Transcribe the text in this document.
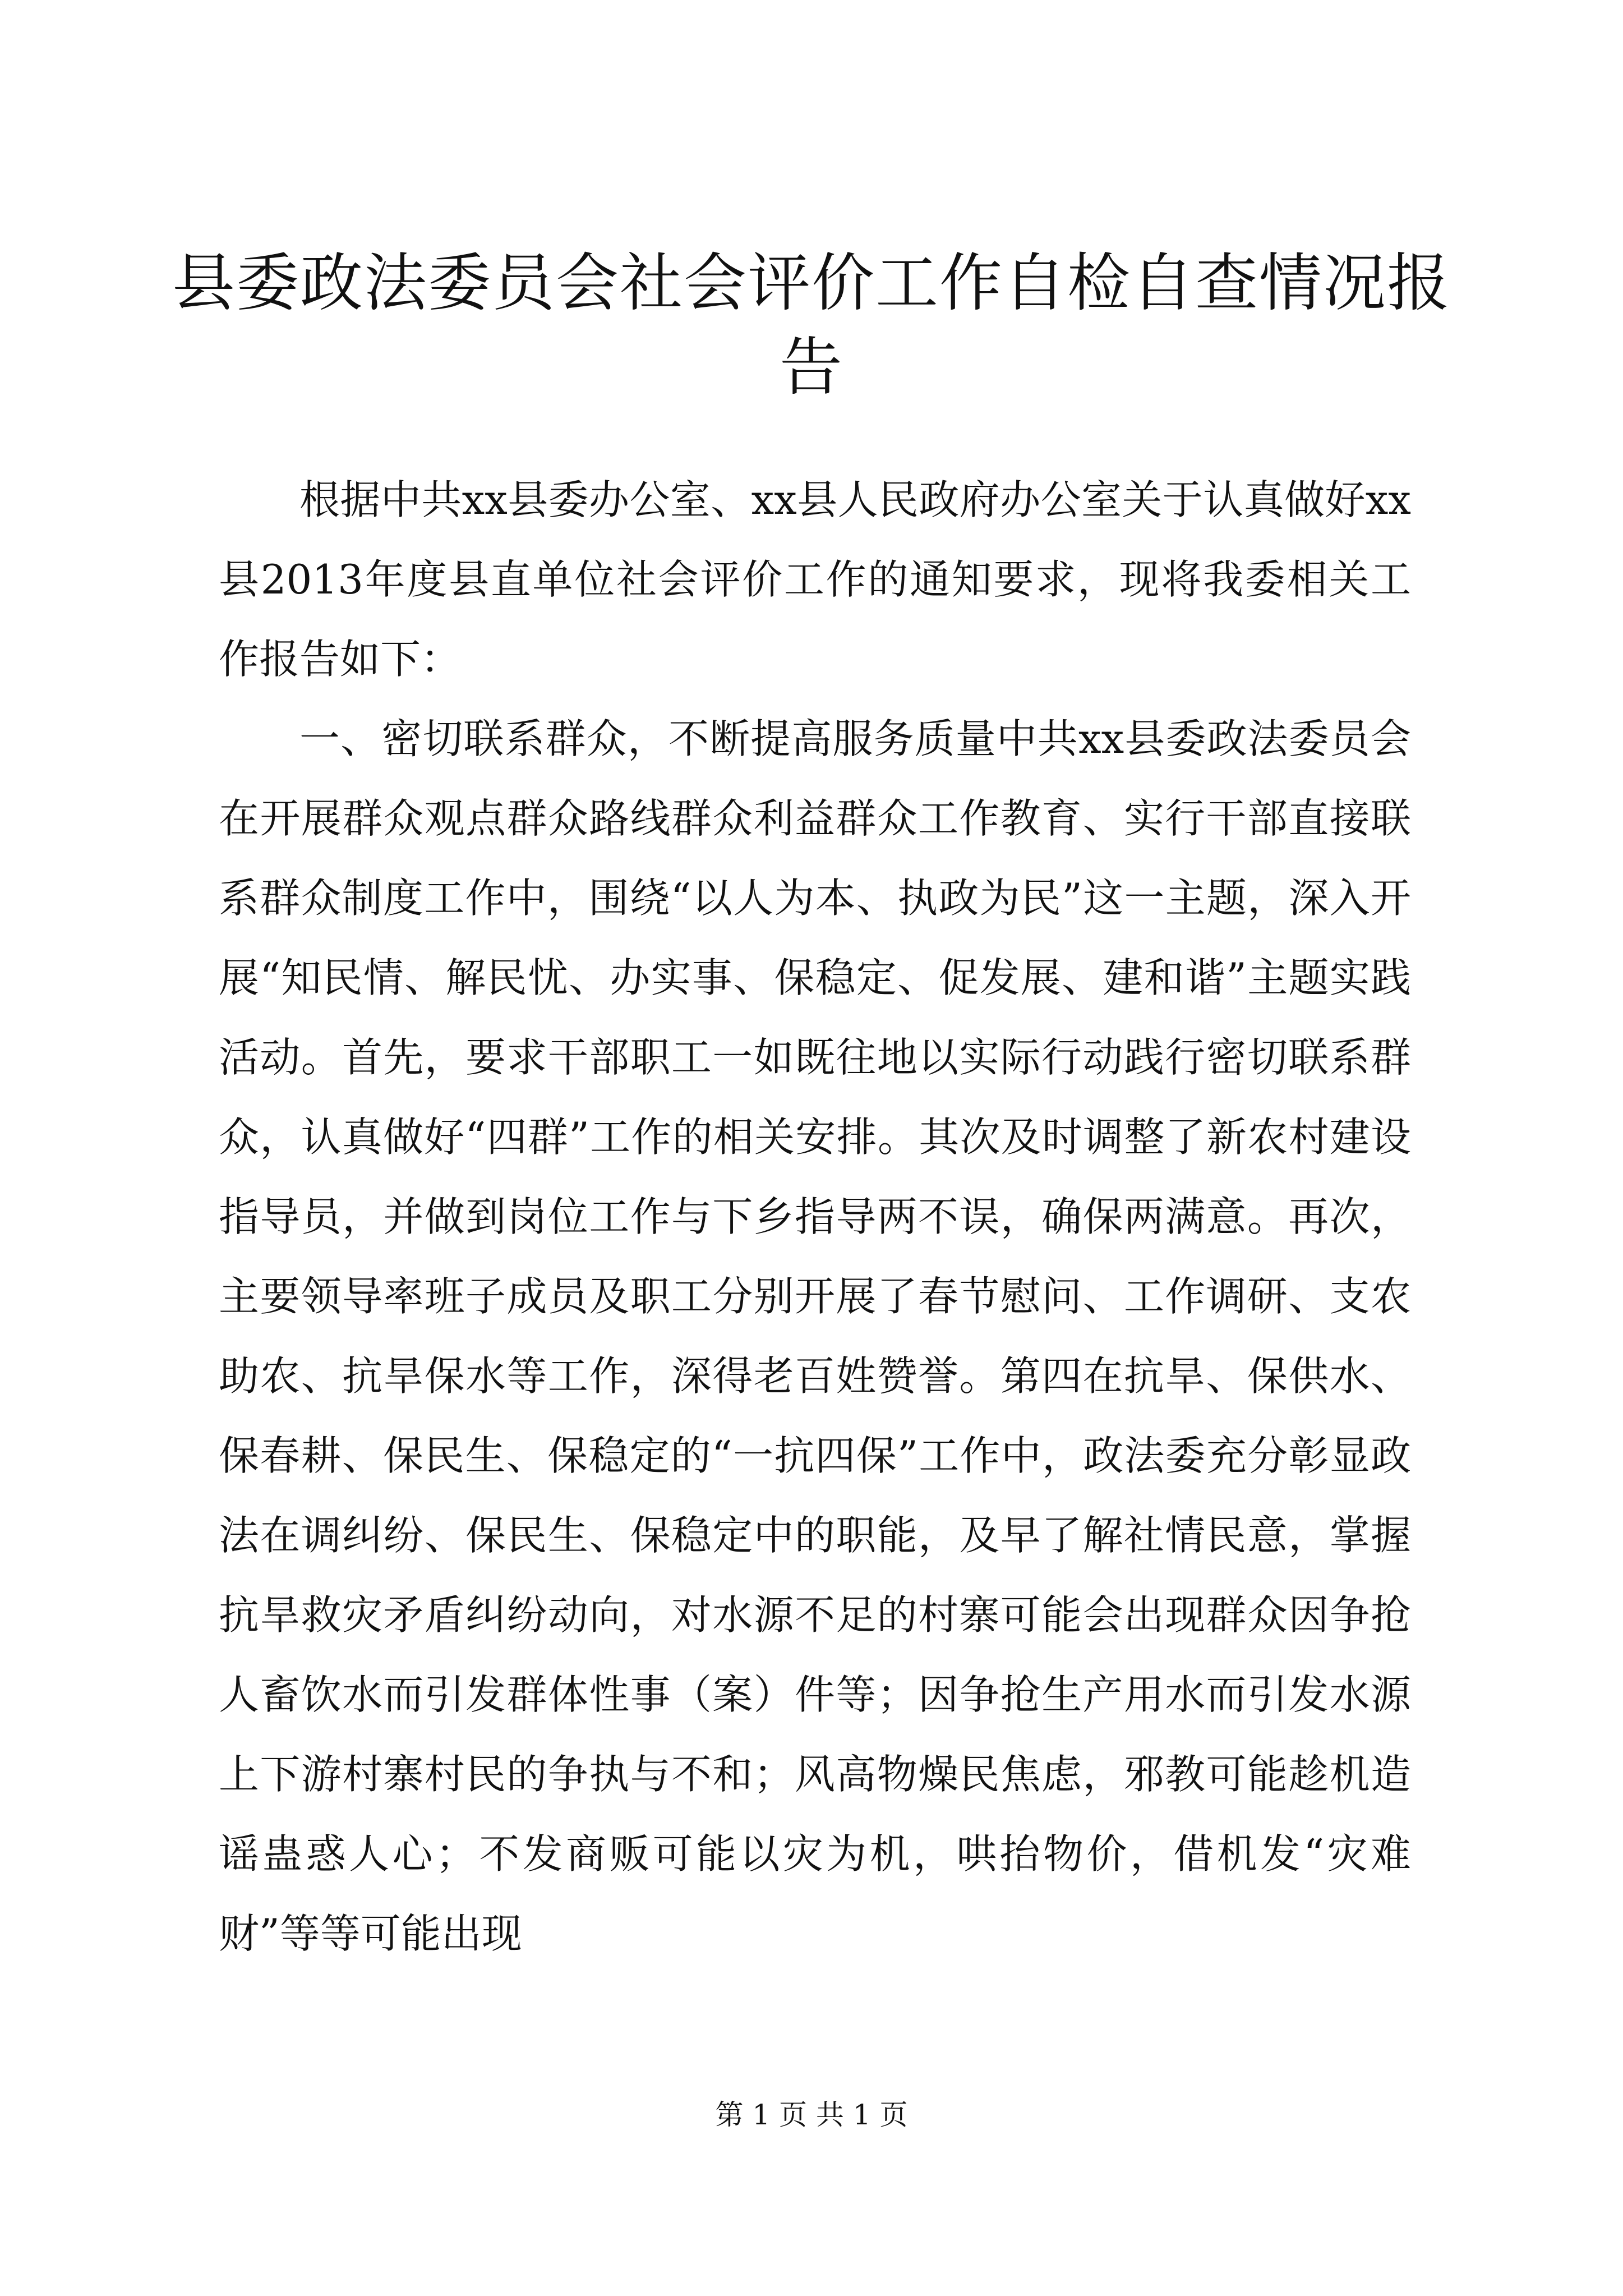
县委政法委员会社会评价工作自检自查情况报告

根据中共xx县委办公室、xx县人民政府办公室关于认真做好xx县2013年度县直单位社会评价工作的通知要求，现将我委相关工作报告如下：

一、密切联系群众，不断提高服务质量中共xx县委政法委员会在开展群众观点群众路线群众利益群众工作教育、实行干部直接联系群众制度工作中，围绕“以人为本、执政为民”这一主题，深入开展“知民情、解民忧、办实事、保稳定、促发展、建和谐”主题实践活动。首先，要求干部职工一如既往地以实际行动践行密切联系群众，认真做好“四群”工作的相关安排。其次及时调整了新农村建设指导员，并做到岗位工作与下乡指导两不误，确保两满意。再次，主要领导率班子成员及职工分别开展了春节慰问、工作调研、支农助农、抗旱保水等工作，深得老百姓赞誉。第四在抗旱、保供水、保春耕、保民生、保稳定的“一抗四保”工作中，政法委充分彰显政法在调纠纷、保民生、保稳定中的职能，及早了解社情民意，掌握抗旱救灾矛盾纠纷动向，对水源不足的村寨可能会出现群众因争抢人畜饮水而引发群体性事（案）件等；因争抢生产用水而引发水源上下游村寨村民的争执与不和；风高物燥民焦虑，邪教可能趁机造谣蛊惑人心；不发商贩可能以灾为机，哄抬物价，借机发“灾难财”等等可能出现

第 1 页 共 1 页
